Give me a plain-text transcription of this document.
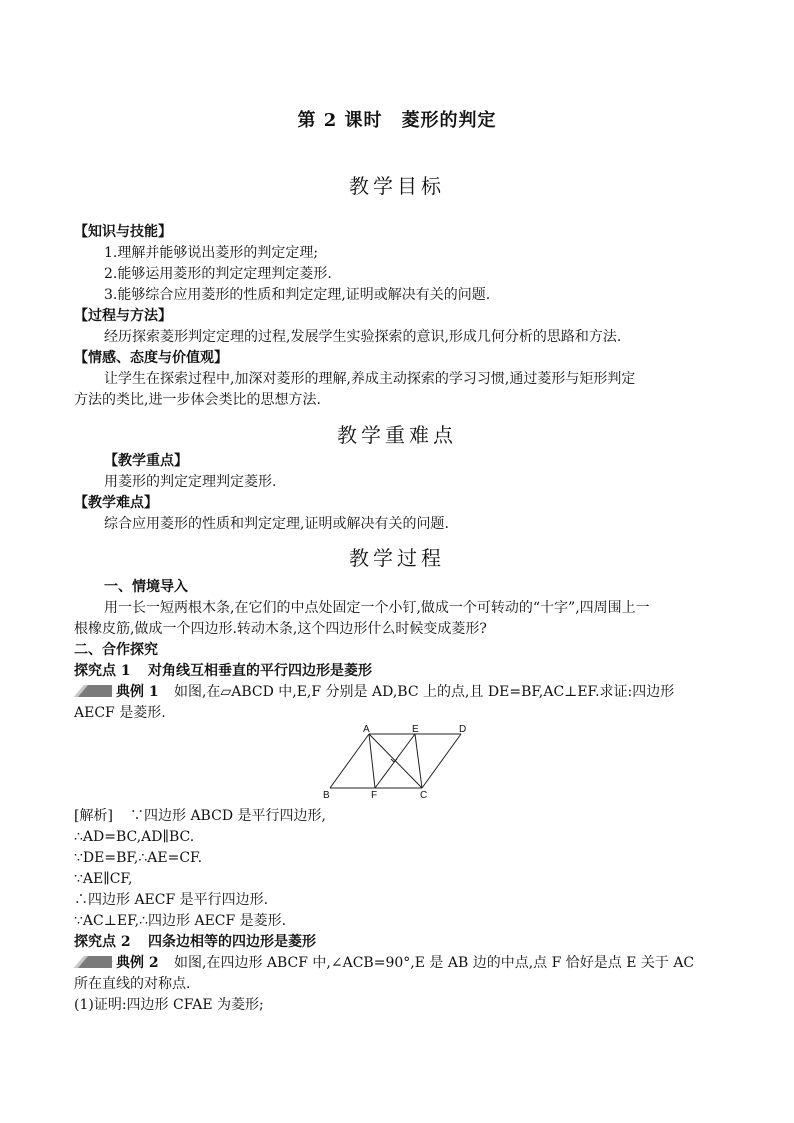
第 2 课时　菱形的判定
教学目标
【知识与技能】
1.理解并能够说出菱形的判定定理;
2.能够运用菱形的判定定理判定菱形.
3.能够综合应用菱形的性质和判定定理,证明或解决有关的问题.
【过程与方法】
经历探索菱形判定定理的过程,发展学生实验探索的意识,形成几何分析的思路和方法.
【情感、态度与价值观】
让学生在探索过程中,加深对菱形的理解,养成主动探索的学习习惯,通过菱形与矩形判定
方法的类比,进一步体会类比的思想方法.
教学重难点
【教学重点】
用菱形的判定定理判定菱形.
【教学难点】
综合应用菱形的性质和判定定理,证明或解决有关的问题.
教学过程
一、情境导入
用一长一短两根木条,在它们的中点处固定一个小钉,做成一个可转动的“十字”,四周围上一
根橡皮筋,做成一个四边形.转动木条,这个四边形什么时候变成菱形?
二、合作探究
探究点 1 对角线互相垂直的平行四边形是菱形
典例 1 如图,在▱ABCD 中,E,F 分别是 AD,BC 上的点,且 DE=BF,AC⊥EF.求证:四边形
AECF 是菱形.
A	E	D
B	F	C
[解析] ∵四边形 ABCD 是平行四边形,
∴AD=BC,AD∥BC.
∵DE=BF,∴AE=CF.
∵AE∥CF,
∴四边形 AECF 是平行四边形.
∵AC⊥EF,∴四边形 AECF 是菱形.
探究点 2 四条边相等的四边形是菱形
典例 2 如图,在四边形 ABCF 中,∠ACB=90°,E 是 AB 边的中点,点 F 恰好是点 E 关于 AC
所在直线的对称点.
(1)证明:四边形 CFAE 为菱形;
